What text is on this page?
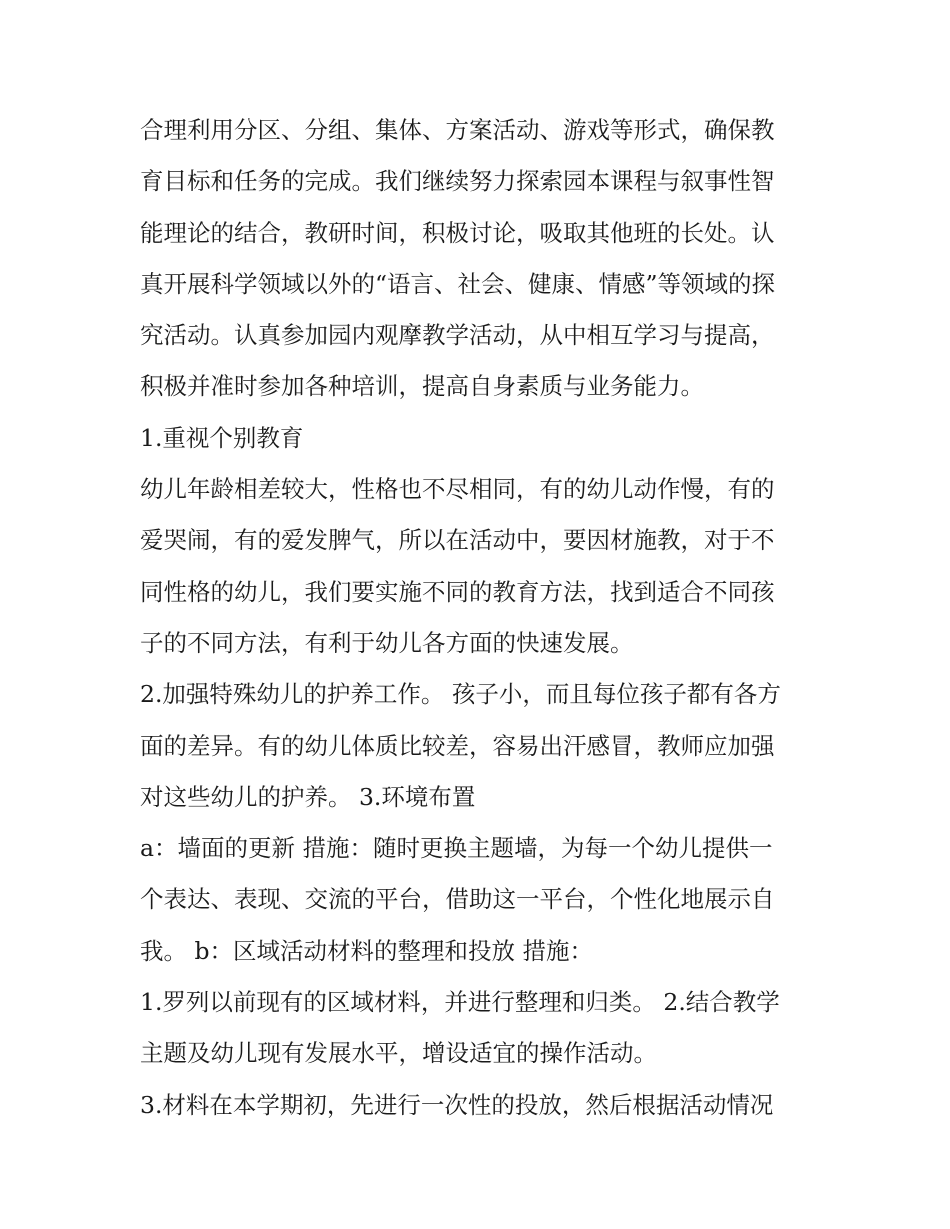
合理利用分区、分组、集体、方案活动、游戏等形式，确保教
育目标和任务的完成。我们继续努力探索园本课程与叙事性智
能理论的结合，教研时间，积极讨论，吸取其他班的长处。认
真开展科学领域以外的“语言、社会、健康、情感”等领域的探
究活动。认真参加园内观摩教学活动，从中相互学习与提高，
积极并准时参加各种培训，提高自身素质与业务能力。
1.重视个别教育
幼儿年龄相差较大，性格也不尽相同，有的幼儿动作慢，有的
爱哭闹，有的爱发脾气，所以在活动中，要因材施教，对于不
同性格的幼儿，我们要实施不同的教育方法，找到适合不同孩
子的不同方法，有利于幼儿各方面的快速发展。
2.加强特殊幼儿的护养工作。 孩子小，而且每位孩子都有各方
面的差异。有的幼儿体质比较差，容易出汗感冒，教师应加强
对这些幼儿的护养。 3.环境布置
a：墙面的更新 措施：随时更换主题墙，为每一个幼儿提供一
个表达、表现、交流的平台，借助这一平台，个性化地展示自
我。 b：区域活动材料的整理和投放 措施：
1.罗列以前现有的区域材料，并进行整理和归类。 2.结合教学
主题及幼儿现有发展水平，增设适宜的操作活动。
3.材料在本学期初，先进行一次性的投放，然后根据活动情况
